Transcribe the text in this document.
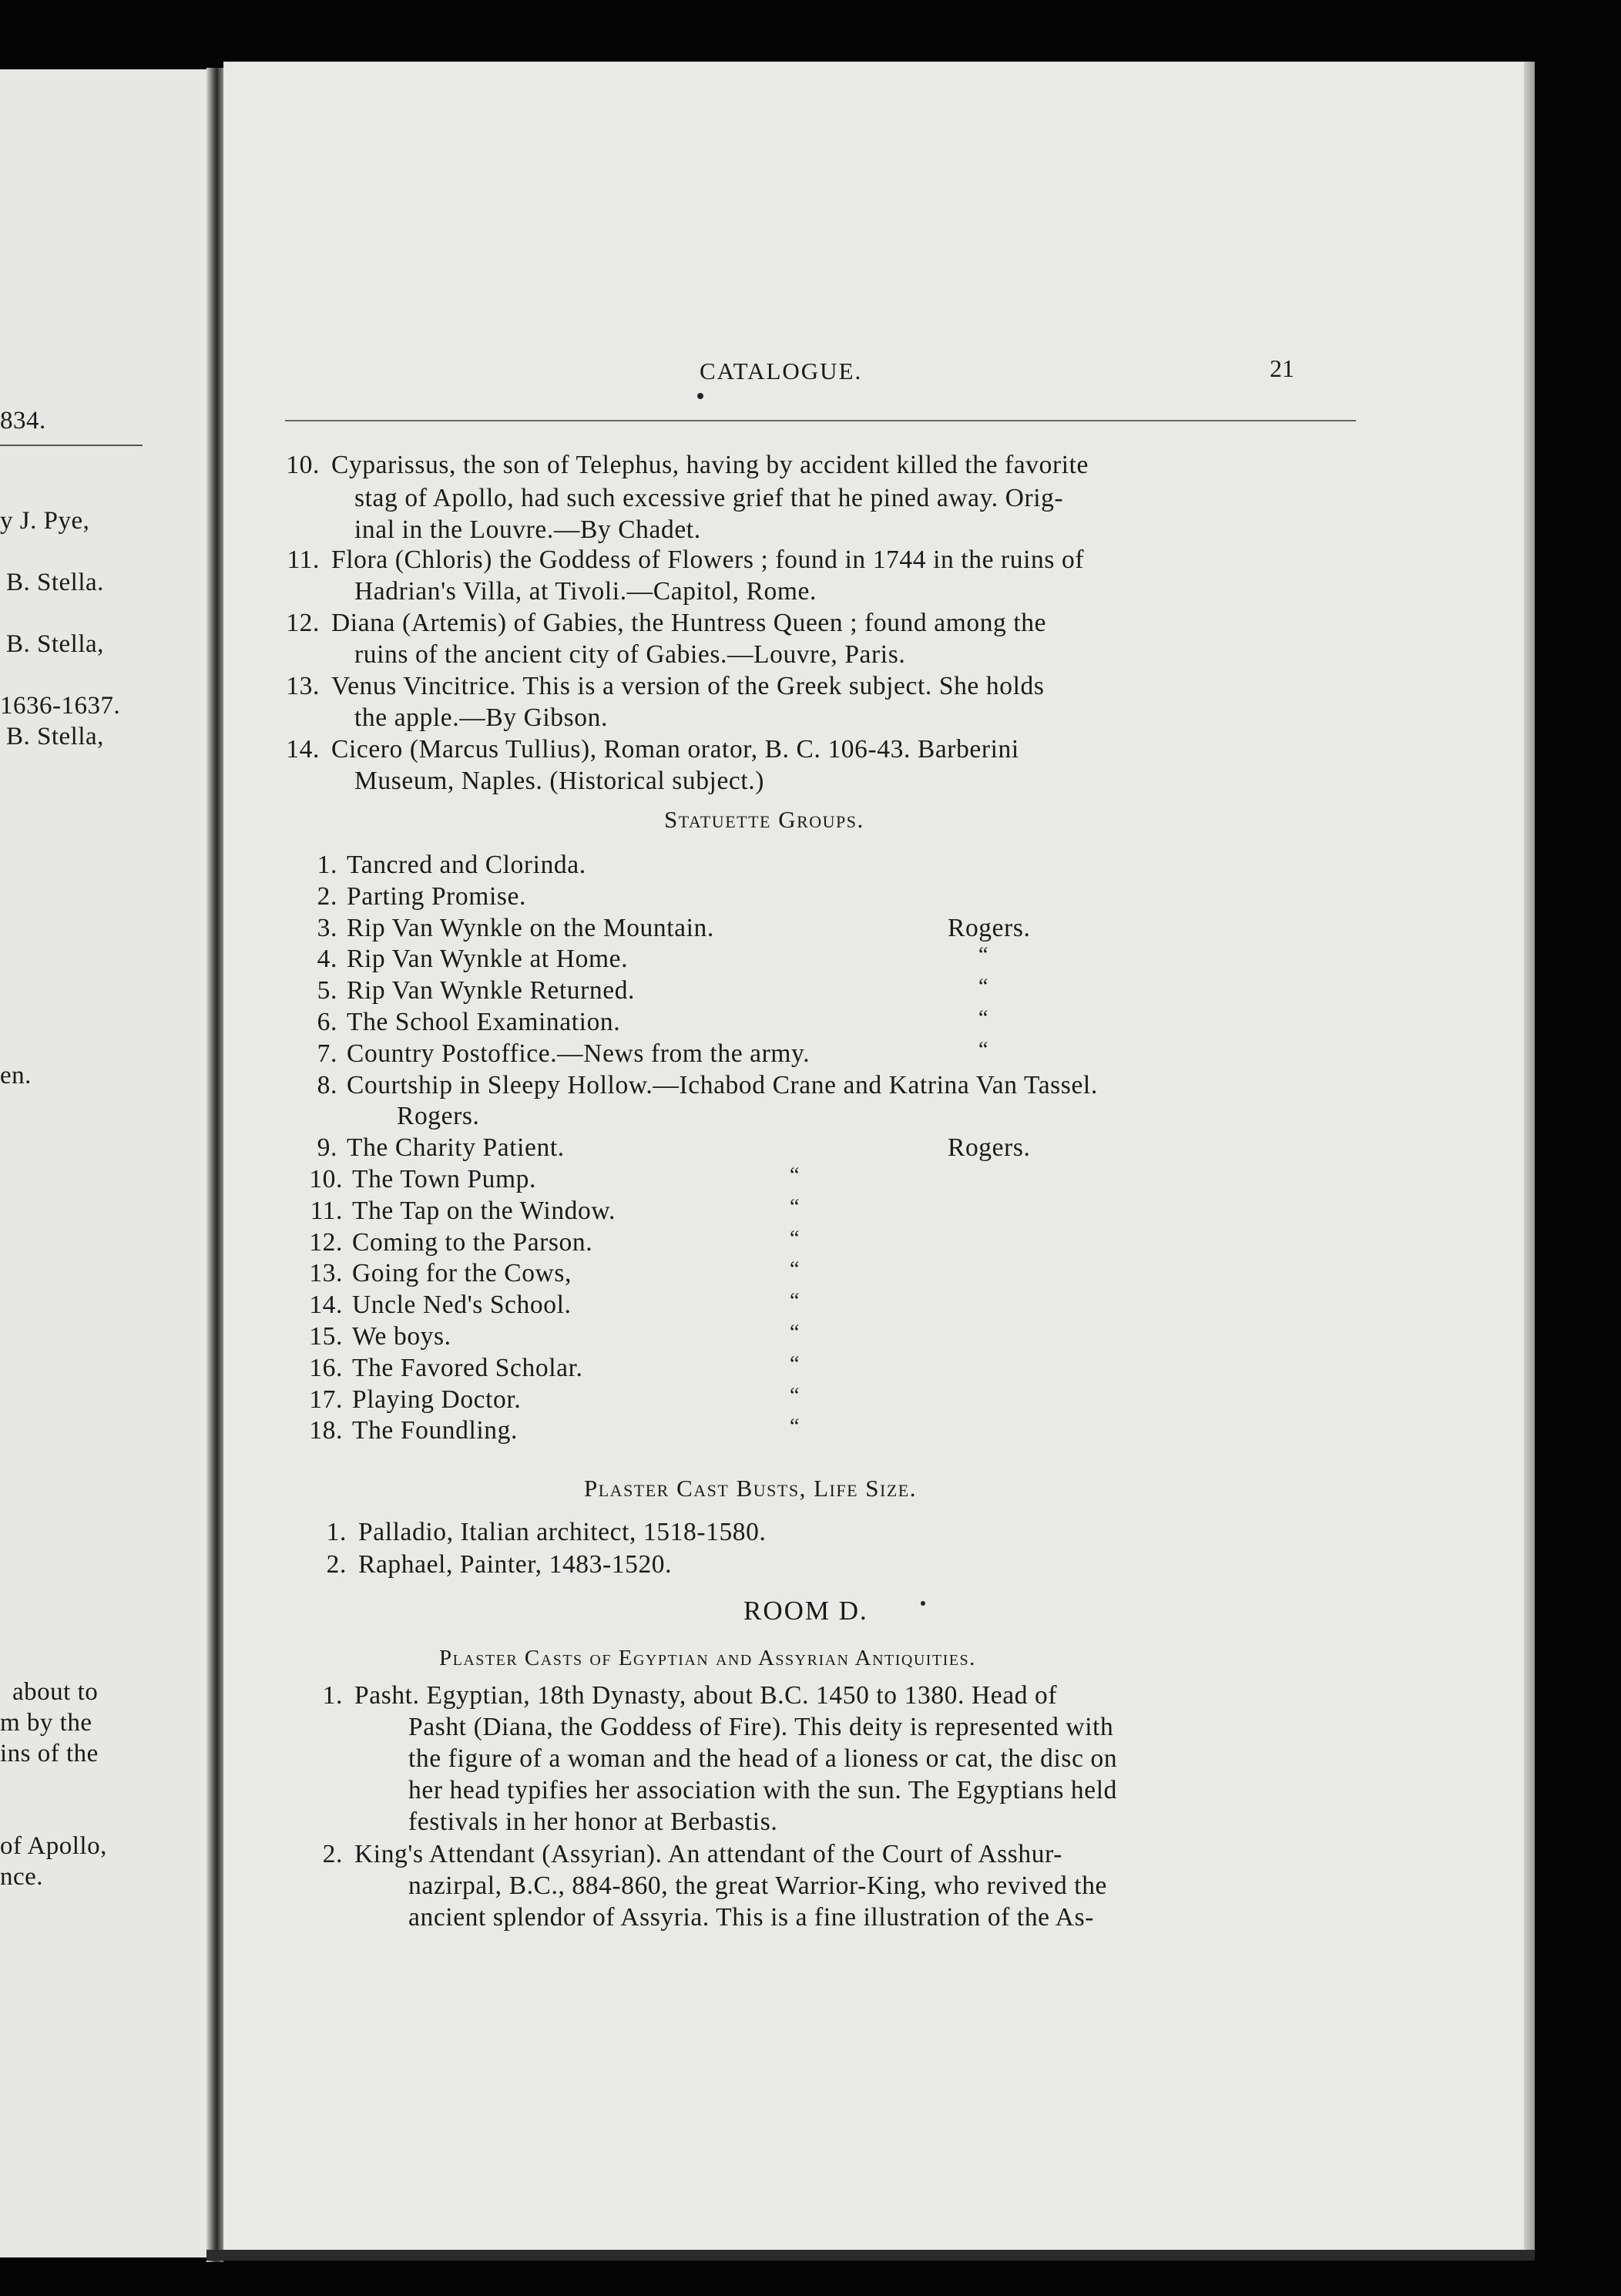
834.
y J. Pye,
B. Stella.
B. Stella,
1636-1637.
B. Stella,
en.
about to
m by the
ins of the
of Apollo,
nce.
CATALOGUE.	21
10. Cyparissus, the son of Telephus, having by accident killed the favorite
stag of Apollo, had such excessive grief that he pined away. Orig-
inal in the Louvre.—By Chadet.
11. Flora (Chloris) the Goddess of Flowers ; found in 1744 in the ruins of
Hadrian's Villa, at Tivoli.—Capitol, Rome.
12. Diana (Artemis) of Gabies, the Huntress Queen ; found among the
ruins of the ancient city of Gabies.—Louvre, Paris.
13. Venus Vincitrice. This is a version of the Greek subject. She holds
the apple.—By Gibson.
14. Cicero (Marcus Tullius), Roman orator, B. C. 106-43. Barberini
Museum, Naples. (Historical subject.)
Statuette Groups.
1. Tancred and Clorinda.
2. Parting Promise.
3. Rip Van Wynkle on the Mountain.	Rogers.
4. Rip Van Wynkle at Home.	“
5. Rip Van Wynkle Returned.	“
6. The School Examination.	“
7. Country Postoffice.—News from the army.	“
8. Courtship in Sleepy Hollow.—Ichabod Crane and Katrina Van Tassel.
Rogers.
9. The Charity Patient.	Rogers.
10. The Town Pump.	“
11. The Tap on the Window.	“
12. Coming to the Parson.	“
13. Going for the Cows,	“
14. Uncle Ned's School.	“
15. We boys.	“
16. The Favored Scholar.	“
17. Playing Doctor.	“
18. The Foundling.	“
Plaster Cast Busts, Life Size.
1. Palladio, Italian architect, 1518-1580.
2. Raphael, Painter, 1483-1520.
ROOM D.
Plaster Casts of Egyptian and Assyrian Antiquities.
1. Pasht. Egyptian, 18th Dynasty, about B.C. 1450 to 1380. Head of
Pasht (Diana, the Goddess of Fire). This deity is represented with
the figure of a woman and the head of a lioness or cat, the disc on
her head typifies her association with the sun. The Egyptians held
festivals in her honor at Berbastis.
2. King's Attendant (Assyrian). An attendant of the Court of Asshur-
nazirpal, B.C., 884-860, the great Warrior-King, who revived the
ancient splendor of Assyria. This is a fine illustration of the As-
